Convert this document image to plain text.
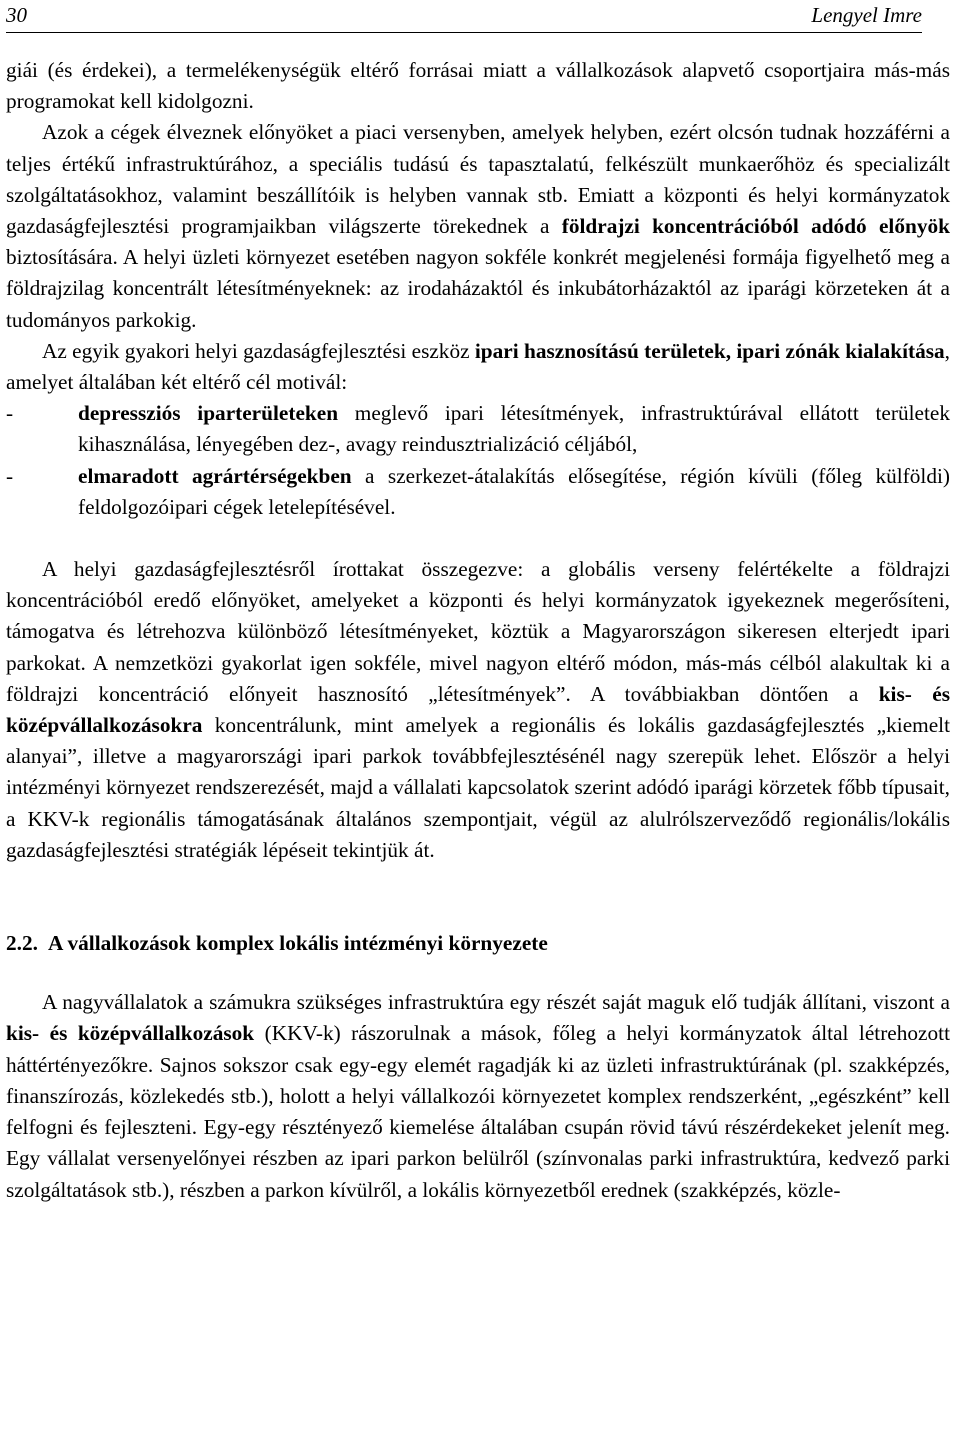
30	Lengyel Imre

giái (és érdekei), a termelékenységük eltérő forrásai miatt a vállalkozások alapvető csoportjaira más-más programokat kell kidolgozni.

Azok a cégek élveznek előnyöket a piaci versenyben, amelyek helyben, ezért olcsón tudnak hozzáférni a teljes értékű infrastruktúrához, a speciális tudású és tapasztalatú, felkészült munkaerőhöz és specializált szolgáltatásokhoz, valamint beszállítóik is helyben vannak stb. Emiatt a központi és helyi kormányzatok gazdaságfejlesztési programjaikban világszerte törekednek a földrajzi koncentrációból adódó előnyök biztosítására. A helyi üzleti környezet esetében nagyon sokféle konkrét megjelenési formája figyelhető meg a földrajzilag koncentrált létesítményeknek: az irodaházaktól és inkubátorházaktól az iparági körzeteken át a tudományos parkokig.

Az egyik gyakori helyi gazdaságfejlesztési eszköz ipari hasznosítású területek, ipari zónák kialakítása, amelyet általában két eltérő cél motivál:

-	depressziós iparterületeken meglevő ipari létesítmények, infrastruktúrával ellátott területek kihasználása, lényegében dez-, avagy reindusztrializáció céljából,
-	elmaradott agrártérségekben a szerkezet-átalakítás elősegítése, régión kívüli (főleg külföldi) feldolgozóipari cégek letelepítésével.

A helyi gazdaságfejlesztésről írottakat összegezve: a globális verseny felértékelte a földrajzi koncentrációból eredő előnyöket, amelyeket a központi és helyi kormányzatok igyekeznek megerősíteni, támogatva és létrehozva különböző létesítményeket, köztük a Magyarországon sikeresen elterjedt ipari parkokat. A nemzetközi gyakorlat igen sokféle, mivel nagyon eltérő módon, más-más célból alakultak ki a földrajzi koncentráció előnyeit hasznosító „létesítmények”. A továbbiakban döntően a kis- és középvállalkozásokra koncentrálunk, mint amelyek a regionális és lokális gazdaságfejlesztés „kiemelt alanyai”, illetve a magyarországi ipari parkok továbbfejlesztésénél nagy szerepük lehet. Először a helyi intézményi környezet rendszerezését, majd a vállalati kapcsolatok szerint adódó iparági körzetek főbb típusait, a KKV-k regionális támogatásának általános szempontjait, végül az alulrólszerveződő regionális/lokális gazdaságfejlesztési stratégiák lépéseit tekintjük át.

2.2. A vállalkozások komplex lokális intézményi környezete

A nagyvállalatok a számukra szükséges infrastruktúra egy részét saját maguk elő tudják állítani, viszont a kis- és középvállalkozások (KKV-k) rászorulnak a mások, főleg a helyi kormányzatok által létrehozott háttértényezőkre. Sajnos sokszor csak egy-egy elemét ragadják ki az üzleti infrastruktúrának (pl. szakképzés, finanszírozás, közlekedés stb.), holott a helyi vállalkozói környezetet komplex rendszerként, „egészként” kell felfogni és fejleszteni. Egy-egy résztényező kiemelése általában csupán rövid távú részérdekeket jelenít meg. Egy vállalat versenyelőnyei részben az ipari parkon belülről (színvonalas parki infrastruktúra, kedvező parki szolgáltatások stb.), részben a parkon kívülről, a lokális környezetből erednek (szakképzés, közle-
